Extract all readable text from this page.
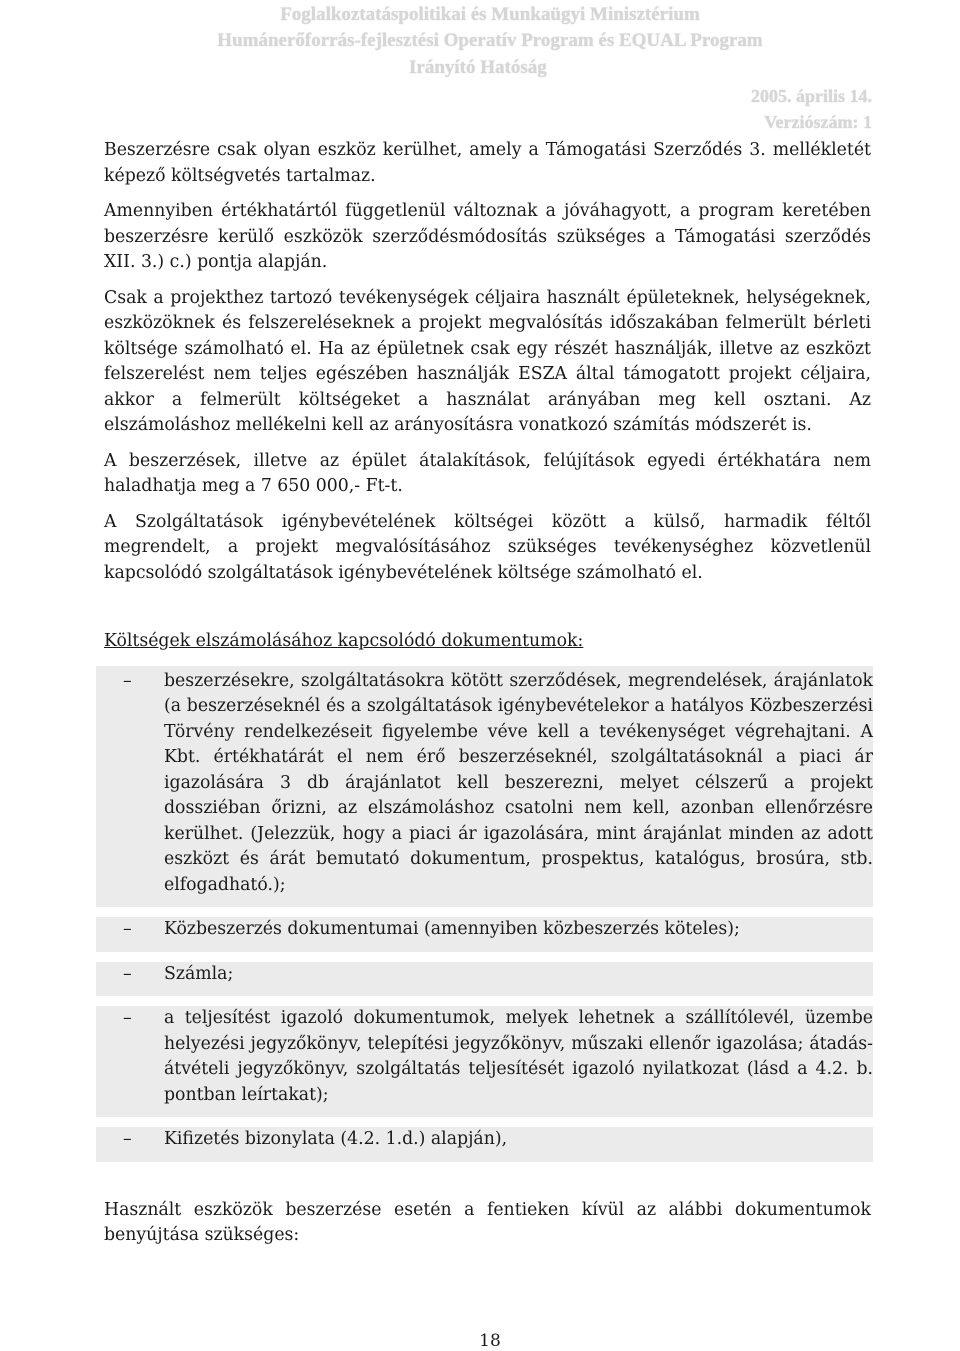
Foglalkoztatáspolitikai és Munkaügyi Minisztérium
Humánerőforrás-fejlesztési Operatív Program és EQUAL Program
Irányító Hatóság
2005. április 14.
Verziószám: 1

Beszerzésre csak olyan eszköz kerülhet, amely a Támogatási Szerződés 3. mellékletét képező költségvetés tartalmaz.

Amennyiben értékhatártól függetlenül változnak a jóváhagyott, a program keretében beszerzésre kerülő eszközök szerződésmódosítás szükséges a Támogatási szerződés XII. 3.) c.) pontja alapján.

Csak a projekthez tartozó tevékenységek céljaira használt épületeknek, helységeknek, eszközöknek és felszereléseknek a projekt megvalósítás időszakában felmerült bérleti költsége számolható el. Ha az épületnek csak egy részét használják, illetve az eszközt felszerelést nem teljes egészében használják ESZA által támogatott projekt céljaira, akkor a felmerült költségeket a használat arányában meg kell osztani. Az elszámoláshoz mellékelni kell az arányosításra vonatkozó számítás módszerét is.

A beszerzések, illetve az épület átalakítások, felújítások egyedi értékhatára nem haladhatja meg a 7 650 000,- Ft-t.

A Szolgáltatások igénybevételének költségei között a külső, harmadik féltől megrendelt, a projekt megvalósításához szükséges tevékenységhez közvetlenül kapcsolódó szolgáltatások igénybevételének költsége számolható el.

Költségek elszámolásához kapcsolódó dokumentumok:

–	beszerzésekre, szolgáltatásokra kötött szerződések, megrendelések, árajánlatok (a beszerzéseknél és a szolgáltatások igénybevételekor a hatályos Közbeszerzési Törvény rendelkezéseit figyelembe véve kell a tevékenységet végrehajtani. A Kbt. értékhatárát el nem érő beszerzéseknél, szolgáltatásoknál a piaci ár igazolására 3 db árajánlatot kell beszerezni, melyet célszerű a projekt dossziéban őrizni, az elszámoláshoz csatolni nem kell, azonban ellenőrzésre kerülhet. (Jelezzük, hogy a piaci ár igazolására, mint árajánlat minden az adott eszközt és árát bemutató dokumentum, prospektus, katalógus, brosúra, stb. elfogadható.);
–	Közbeszerzés dokumentumai (amennyiben közbeszerzés köteles);
–	Számla;
–	a teljesítést igazoló dokumentumok, melyek lehetnek a szállítólevél, üzembe helyezési jegyzőkönyv, telepítési jegyzőkönyv, műszaki ellenőr igazolása; átadás-átvételi jegyzőkönyv, szolgáltatás teljesítését igazoló nyilatkozat (lásd a 4.2. b. pontban leírtakat);
–	Kifizetés bizonylata (4.2. 1.d.) alapján),

Használt eszközök beszerzése esetén a fentieken kívül az alábbi dokumentumok benyújtása szükséges:

18
